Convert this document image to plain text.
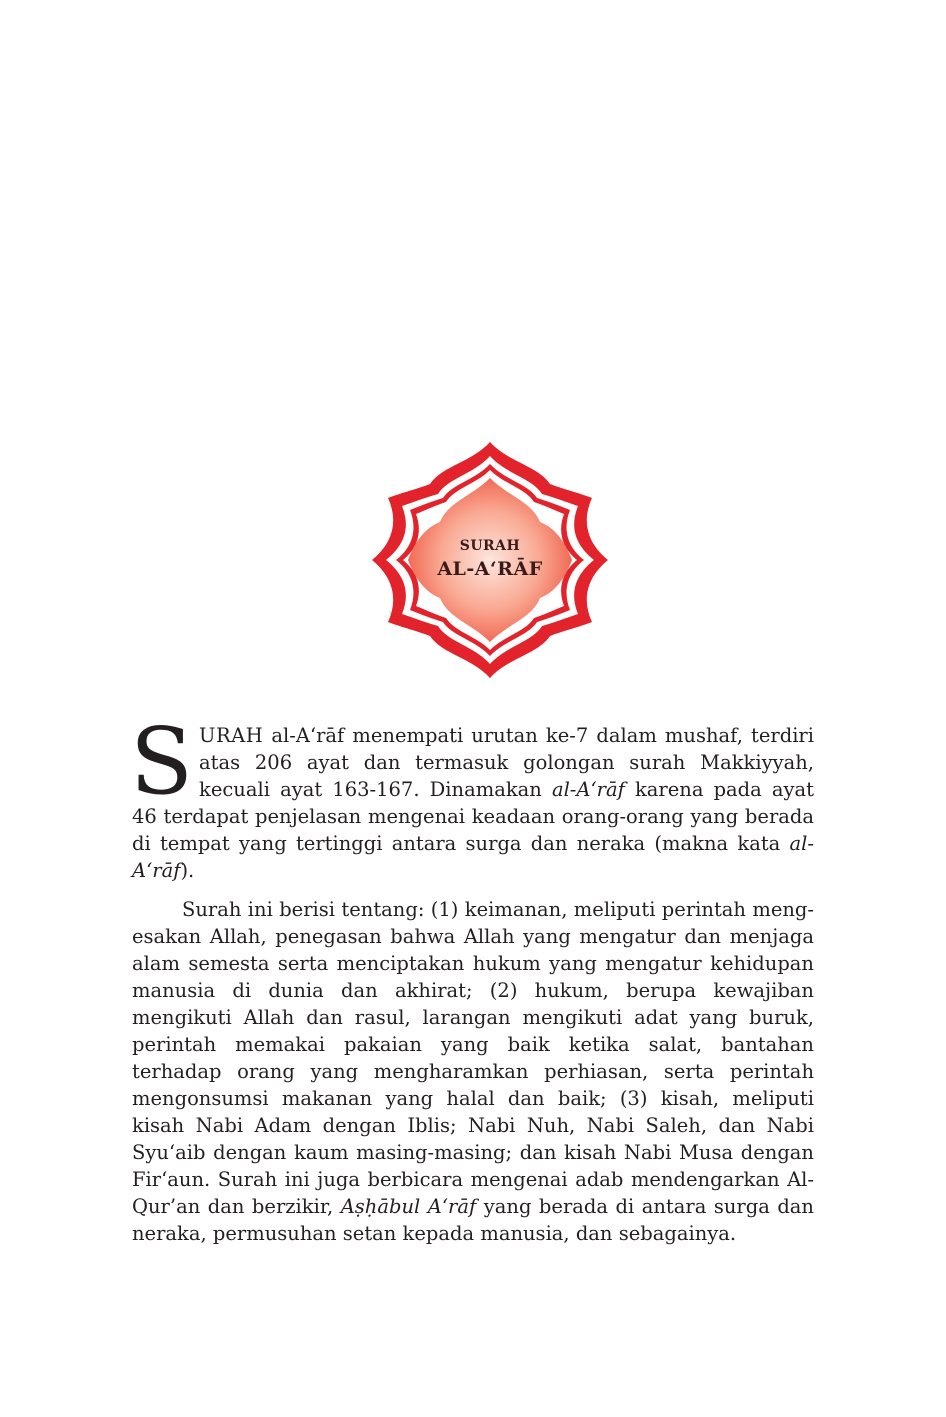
SURAH
AL-A‘RĀF

SURAH al-A‘rāf menempati urutan ke-7 dalam mushaf, terdiri atas 206 ayat dan termasuk golongan surah Makkiyyah, kecuali ayat 163-167. Dinamakan al-A‘rāf karena pada ayat 46 terdapat penjelasan mengenai keadaan orang-orang yang berada di tempat yang tertinggi antara surga dan neraka (makna kata al-A‘rāf).

Surah ini berisi tentang: (1) keimanan, meliputi perintah mengesakan Allah, penegasan bahwa Allah yang mengatur dan menjaga alam semesta serta menciptakan hukum yang mengatur kehidupan manusia di dunia dan akhirat; (2) hukum, berupa kewajiban mengikuti Allah dan rasul, larangan mengikuti adat yang buruk, perintah memakai pakaian yang baik ketika salat, bantahan terhadap orang yang mengharamkan perhiasan, serta perintah mengonsumsi makanan yang halal dan baik; (3) kisah, meliputi kisah Nabi Adam dengan Iblis; Nabi Nuh, Nabi Saleh, dan Nabi Syu‘aib dengan kaum masing-masing; dan kisah Nabi Musa dengan Fir‘aun. Surah ini juga berbicara mengenai adab mendengarkan Al-Qur’an dan berzikir, Aṣḥābul A‘rāf yang berada di antara surga dan neraka, permusuhan setan kepada manusia, dan sebagainya.
